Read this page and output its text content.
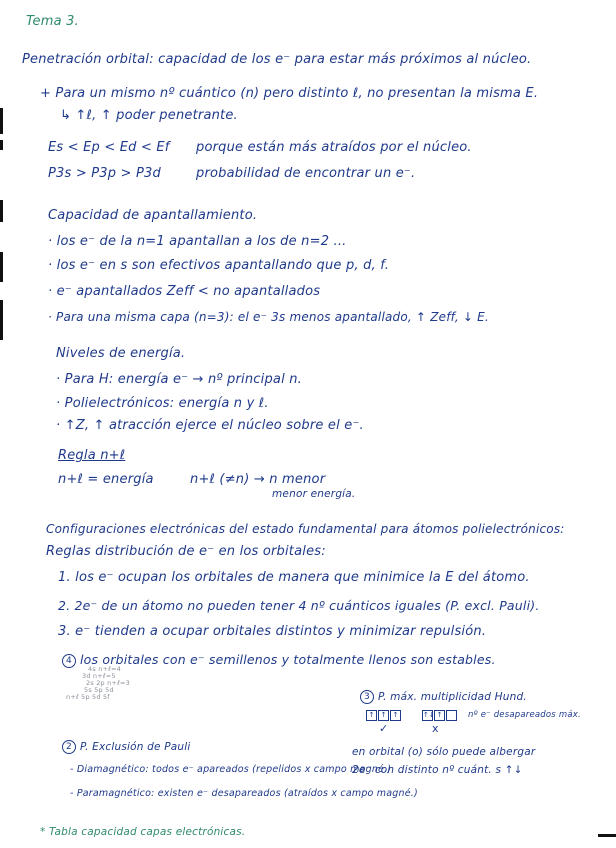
Tema 3.
Penetración orbital: capacidad de los e⁻ para estar más próximos al núcleo.
+ Para un mismo nº cuántico (n) pero distinto ℓ, no presentan la misma E.
↳ ↑ℓ, ↑ poder penetrante.
Es < Ep < Ed < Ef porque están más atraídos por el núcleo.
P3s > P3p > P3d	probabilidad de encontrar un e⁻.
Capacidad de apantallamiento.
· los e⁻ de la n=1 apantallan a los de n=2 ...
· los e⁻ en s son efectivos apantallando que p, d, f.
· e⁻ apantallados Zeff < no apantallados
· Para una misma capa (n=3): el e⁻ 3s menos apantallado, ↑ Zeff, ↓ E.
Niveles de energía.
· Para H: energía e⁻ → nº principal n.
· Polielectrónicos: energía n y ℓ.
· ↑Z, ↑ atracción ejerce el núcleo sobre el e⁻.
Regla n+ℓ
n+ℓ = energía	n+ℓ (≠n) → n menor
menor energía.
Configuraciones electrónicas del estado fundamental para átomos polielectrónicos:
Reglas distribución de e⁻ en los orbitales:
1. los e⁻ ocupan los orbitales de manera que minimice la E del átomo.
2. 2e⁻ de un átomo no pueden tener 4 nº cuánticos iguales (P. excl. Pauli).
3. e⁻ tienden a ocupar orbitales distintos y minimizar repulsión.
4 los orbitales con e⁻ semillenos y totalmente llenos son estables.
4s n+ℓ=4
3d n+ℓ=5
2s 2p n+ℓ=3
5s 5p 5d
n+ℓ 5p 5d 5f	3 P. máx. multiplicidad Hund.
↑ ↑ ↑	↑↓ ↑
✓	x
nº e⁻ desapareados máx.
en orbital (o) sólo puede albergar
2e⁻ con distinto nº cuánt. s ↑↓
2 P. Exclusión de Pauli
- Diamagnético: todos e⁻ apareados (repelidos x campo magné.)
- Paramagnético: existen e⁻ desapareados (atraídos x campo magné.)
* Tabla capacidad capas electrónicas.
